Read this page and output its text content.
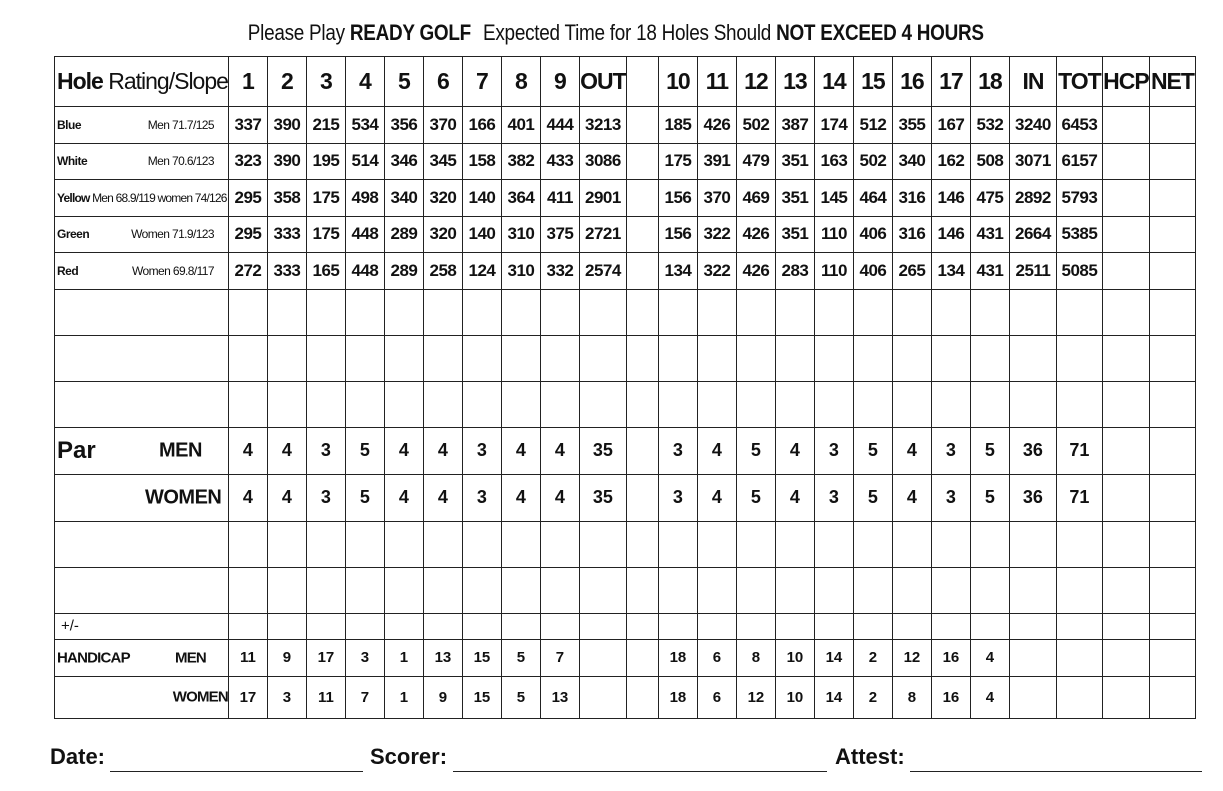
Please Play READY GOLF Expected Time for 18 Holes Should NOT EXCEED 4 HOURS
Hole Rating/Slope	1	2	3	4	5	6	7	8	9	OUT		10	11	12	13	14	15	16	17	18	IN	TOT	HCP	NET

Blue Men 71.7/125	337	390	215	534	356	370	166	401	444	3213		185	426	502	387	174	512	355	167	532	3240	6453		

White Men 70.6/123	323	390	195	514	346	345	158	382	433	3086		175	391	479	351	163	502	340	162	508	3071	6157		

Yellow Men 68.9/119 women 74/126	295	358	175	498	340	320	140	364	411	2901		156	370	469	351	145	464	316	146	475	2892	5793		

Green Women 71.9/123	295	333	175	448	289	320	140	310	375	2721		156	322	426	351	110	406	316	146	431	2664	5385		

Red Women 69.8/117	272	333	165	448	289	258	124	310	332	2574		134	322	426	283	110	406	265	134	431	2511	5085		

Par MEN	4	4	3	5	4	4	3	4	4	35		3	4	5	4	3	5	4	3	5	36	71		

WOMEN	4	4	3	5	4	4	3	4	4	35		3	4	5	4	3	5	4	3	5	36	71		

+/-																								

HANDICAP MEN	11	9	17	3	1	13	15	5	7			18	6	8	10	14	2	12	16	4				

WOMEN	17	3	11	7	1	9	15	5	13			18	6	12	10	14	2	8	16	4				
Date:	Scorer:	Attest:
